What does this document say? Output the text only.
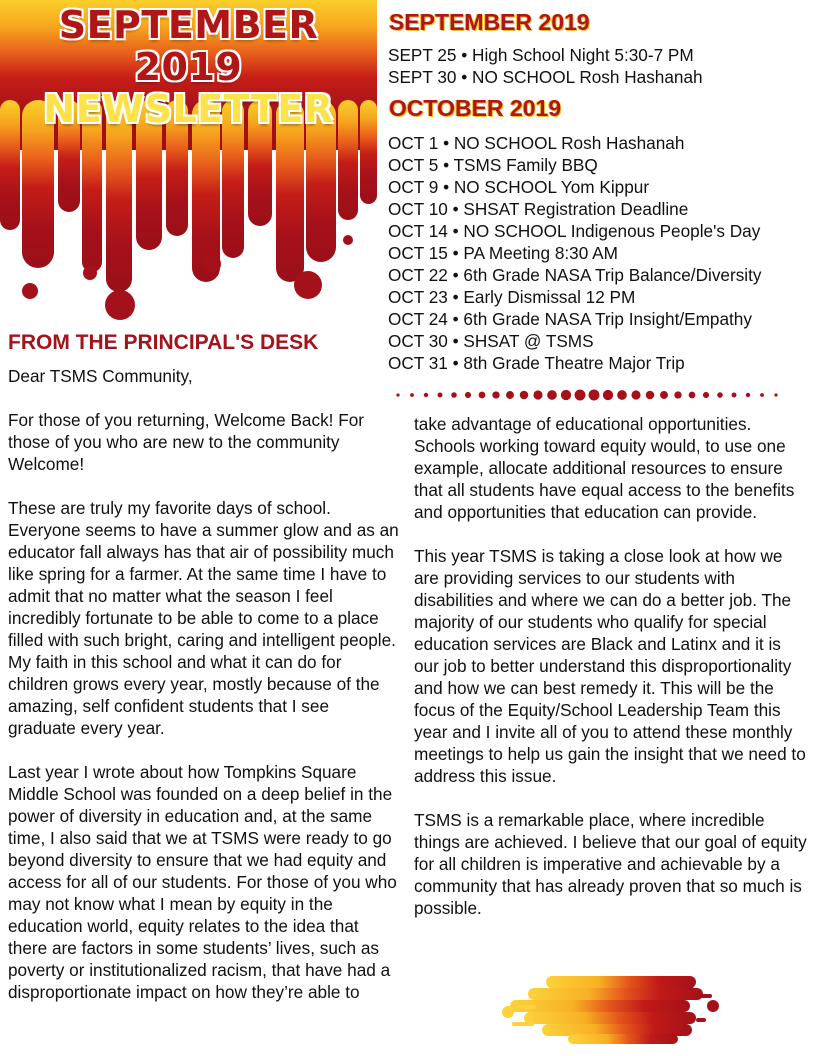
SEPTEMBER
2019
NEWSLETTER
SEPTEMBER 2019
SEPT 25 • High School Night 5:30-7 PM
SEPT 30 • NO SCHOOL Rosh Hashanah
OCTOBER 2019
OCT 1 • NO SCHOOL Rosh Hashanah
OCT 5 • TSMS Family BBQ
OCT 9 • NO SCHOOL Yom Kippur
OCT 10 • SHSAT Registration Deadline
OCT 14 • NO SCHOOL Indigenous People's Day
OCT 15 • PA Meeting 8:30 AM
OCT 22 • 6th Grade NASA Trip Balance/Diversity
OCT 23 • Early Dismissal 12 PM
OCT 24 • 6th Grade NASA Trip Insight/Empathy
OCT 30 • SHSAT @ TSMS
OCT 31 • 8th Grade Theatre Major Trip
FROM THE PRINCIPAL'S DESK

Dear TSMS Community,

For those of you returning, Welcome Back! For those of you who are new to the community Welcome!

These are truly my favorite days of school. Everyone seems to have a summer glow and as an educator fall always has that air of possibility much like spring for a farmer. At the same time I have to admit that no matter what the season I feel incredibly fortunate to be able to come to a place filled with such bright, caring and intelligent people. My faith in this school and what it can do for children grows every year, mostly because of the amazing, self confident students that I see graduate every year.

Last year I wrote about how Tompkins Square Middle School was founded on a deep belief in the power of diversity in education and, at the same time, I also said that we at TSMS were ready to go beyond diversity to ensure that we had equity and access for all of our students. For those of you who may not know what I mean by equity in the education world, equity relates to the idea that there are factors in some students’ lives, such as poverty or institutionalized racism, that have had a disproportionate impact on how they’re able to

take advantage of educational opportunities. Schools working toward equity would, to use one example, allocate additional resources to ensure that all students have equal access to the benefits and opportunities that education can provide.

This year TSMS is taking a close look at how we are providing services to our students with disabilities and where we can do a better job. The majority of our students who qualify for special education services are Black and Latinx and it is our job to better understand this disproportionality and how we can best remedy it. This will be the focus of the Equity/School Leadership Team this year and I invite all of you to attend these monthly meetings to help us gain the insight that we need to address this issue.

TSMS is a remarkable place, where incredible things are achieved. I believe that our goal of equity for all children is imperative and achievable by a community that has already proven that so much is possible.
